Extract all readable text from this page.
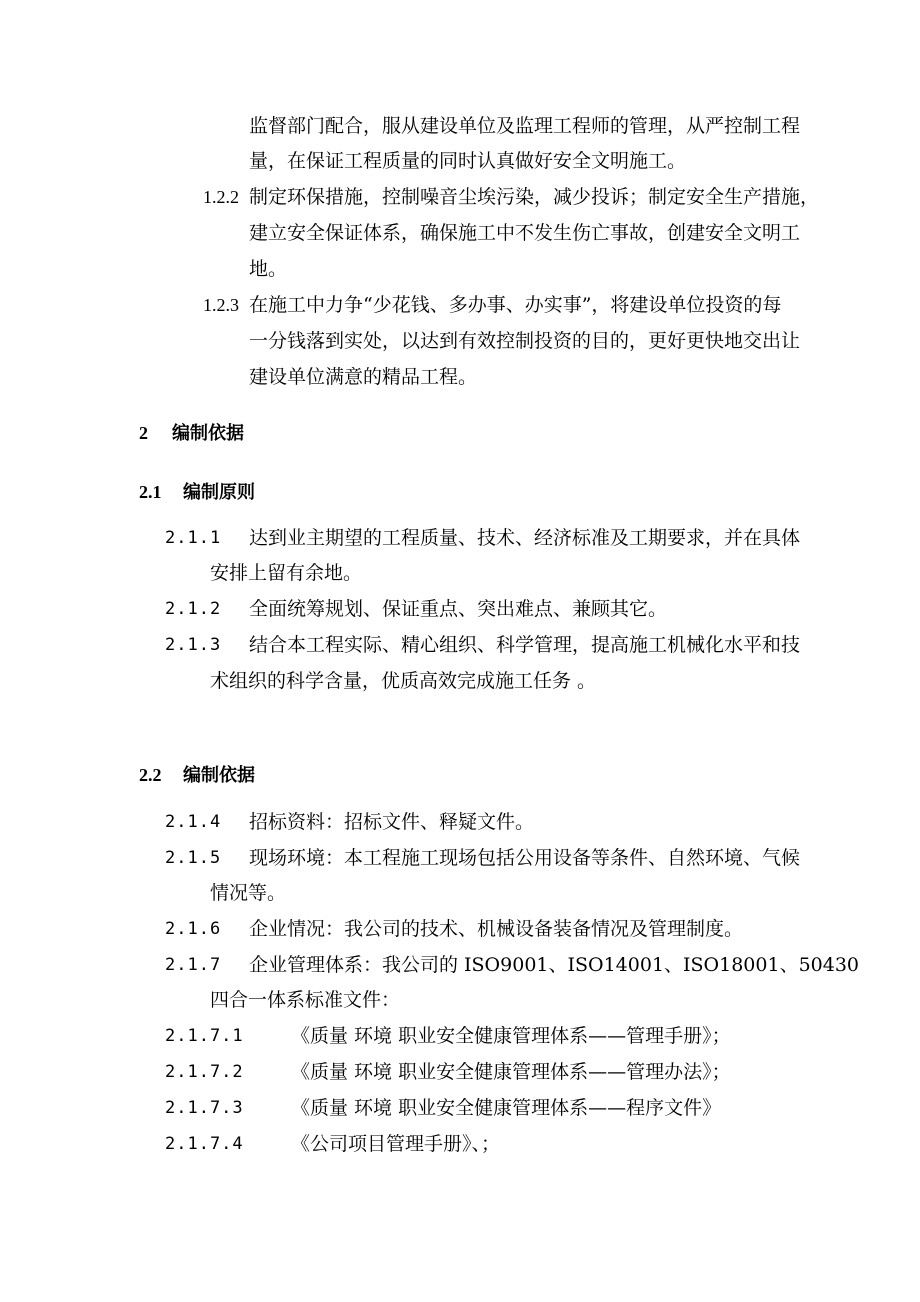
监督部门配合，服从建设单位及监理工程师的管理，从严控制工程
量，在保证工程质量的同时认真做好安全文明施工。
1.2.2 制定环保措施，控制噪音尘埃污染，减少投诉；制定安全生产措施，
建立安全保证体系，确保施工中不发生伤亡事故，创建安全文明工
地。
1.2.3 在施工中力争“少花钱、多办事、办实事”，将建设单位投资的每
一分钱落到实处，以达到有效控制投资的目的，更好更快地交出让
建设单位满意的精品工程。
2 编制依据
2.1 编制原则
2.1.1 达到业主期望的工程质量、技术、经济标准及工期要求，并在具体
安排上留有余地。
2.1.2 全面统筹规划、保证重点、突出难点、兼顾其它。
2.1.3 结合本工程实际、精心组织、科学管理，提高施工机械化水平和技
术组织的科学含量，优质高效完成施工任务 。
2.2 编制依据
2.1.4 招标资料：招标文件、释疑文件。
2.1.5 现场环境：本工程施工现场包括公用设备等条件、自然环境、气候
情况等。
2.1.6 企业情况：我公司的技术、机械设备装备情况及管理制度。
2.1.7 企业管理体系：我公司的 ISO9001、ISO14001、ISO18001、50430
四合一体系标准文件：
2.1.7.1 《质量 环境 职业安全健康管理体系——管理手册》；
2.1.7.2 《质量 环境 职业安全健康管理体系——管理办法》；
2.1.7.3 《质量 环境 职业安全健康管理体系——程序文件》
2.1.7.4 《公司项目管理手册》、；
